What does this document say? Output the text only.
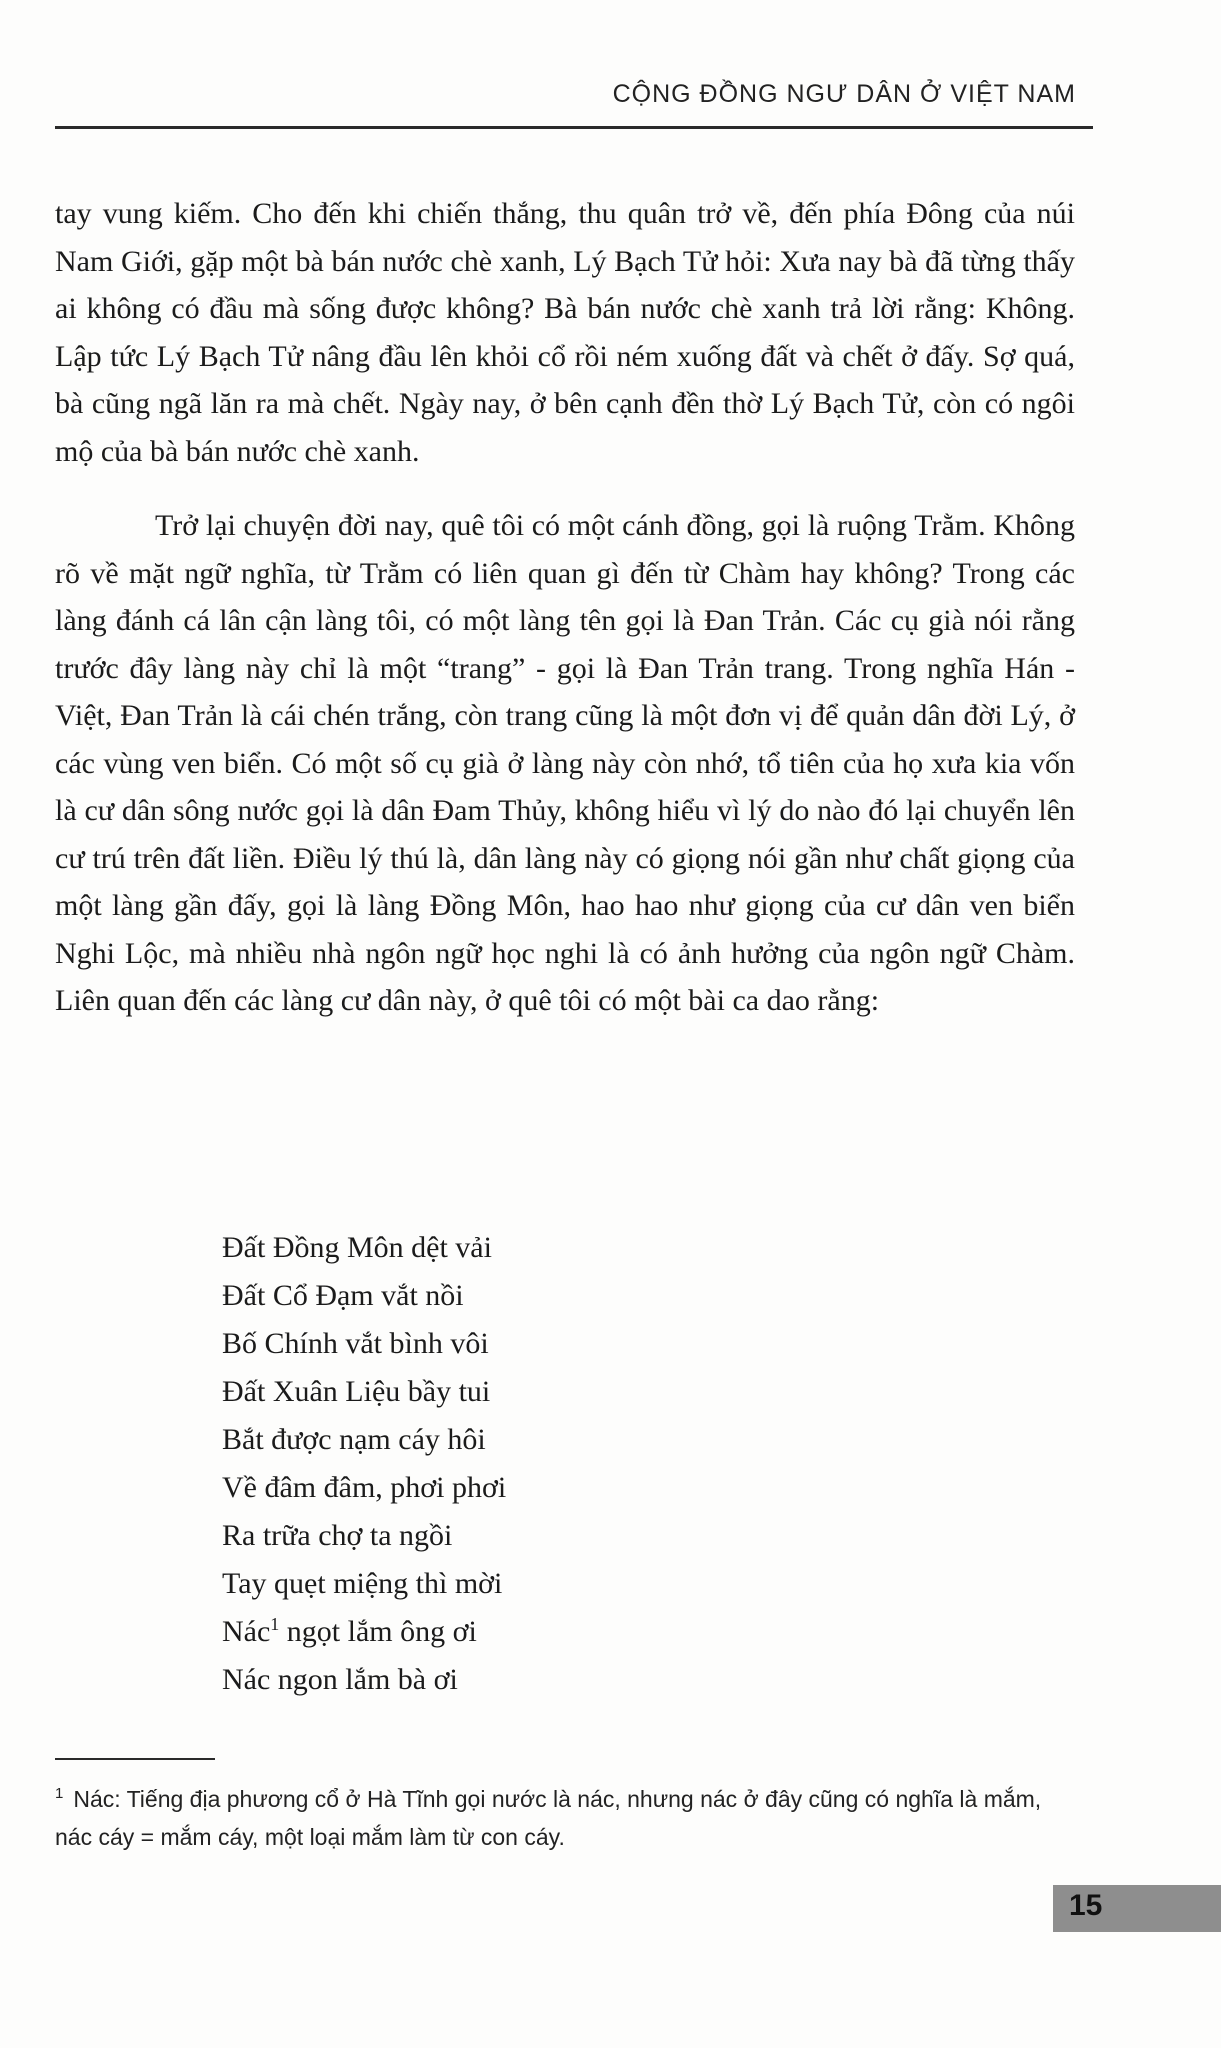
CỘNG ĐỒNG NGƯ DÂN Ở VIỆT NAM

tay vung kiếm. Cho đến khi chiến thắng, thu quân trở về, đến phía Đông của núi Nam Giới, gặp một bà bán nước chè xanh, Lý Bạch Tử hỏi: Xưa nay bà đã từng thấy ai không có đầu mà sống được không? Bà bán nước chè xanh trả lời rằng: Không. Lập tức Lý Bạch Tử nâng đầu lên khỏi cổ rồi ném xuống đất và chết ở đấy. Sợ quá, bà cũng ngã lăn ra mà chết. Ngày nay, ở bên cạnh đền thờ Lý Bạch Tử, còn có ngôi mộ của bà bán nước chè xanh.

Trở lại chuyện đời nay, quê tôi có một cánh đồng, gọi là ruộng Trằm. Không rõ về mặt ngữ nghĩa, từ Trằm có liên quan gì đến từ Chàm hay không? Trong các làng đánh cá lân cận làng tôi, có một làng tên gọi là Đan Trản. Các cụ già nói rằng trước đây làng này chỉ là một “trang” - gọi là Đan Trản trang. Trong nghĩa Hán - Việt, Đan Trản là cái chén trắng, còn trang cũng là một đơn vị để quản dân đời Lý, ở các vùng ven biển. Có một số cụ già ở làng này còn nhớ, tổ tiên của họ xưa kia vốn là cư dân sông nước gọi là dân Đam Thủy, không hiểu vì lý do nào đó lại chuyển lên cư trú trên đất liền. Điều lý thú là, dân làng này có giọng nói gần như chất giọng của một làng gần đấy, gọi là làng Đồng Môn, hao hao như giọng của cư dân ven biển Nghi Lộc, mà nhiều nhà ngôn ngữ học nghi là có ảnh hưởng của ngôn ngữ Chàm. Liên quan đến các làng cư dân này, ở quê tôi có một bài ca dao rằng:

Đất Đồng Môn dệt vải
Đất Cổ Đạm vắt nồi
Bố Chính vắt bình vôi
Đất Xuân Liệu bầy tui
Bắt được nạm cáy hôi
Về đâm đâm, phơi phơi
Ra trữa chợ ta ngồi
Tay quẹt miệng thì mời
Nác$^1$ ngọt lắm ông ơi
Nác ngon lắm bà ơi
$^1$ Nác: Tiếng địa phương cổ ở Hà Tĩnh gọi nước là nác, nhưng nác ở đây cũng có nghĩa là mắm, nác cáy = mắm cáy, một loại mắm làm từ con cáy.
15
